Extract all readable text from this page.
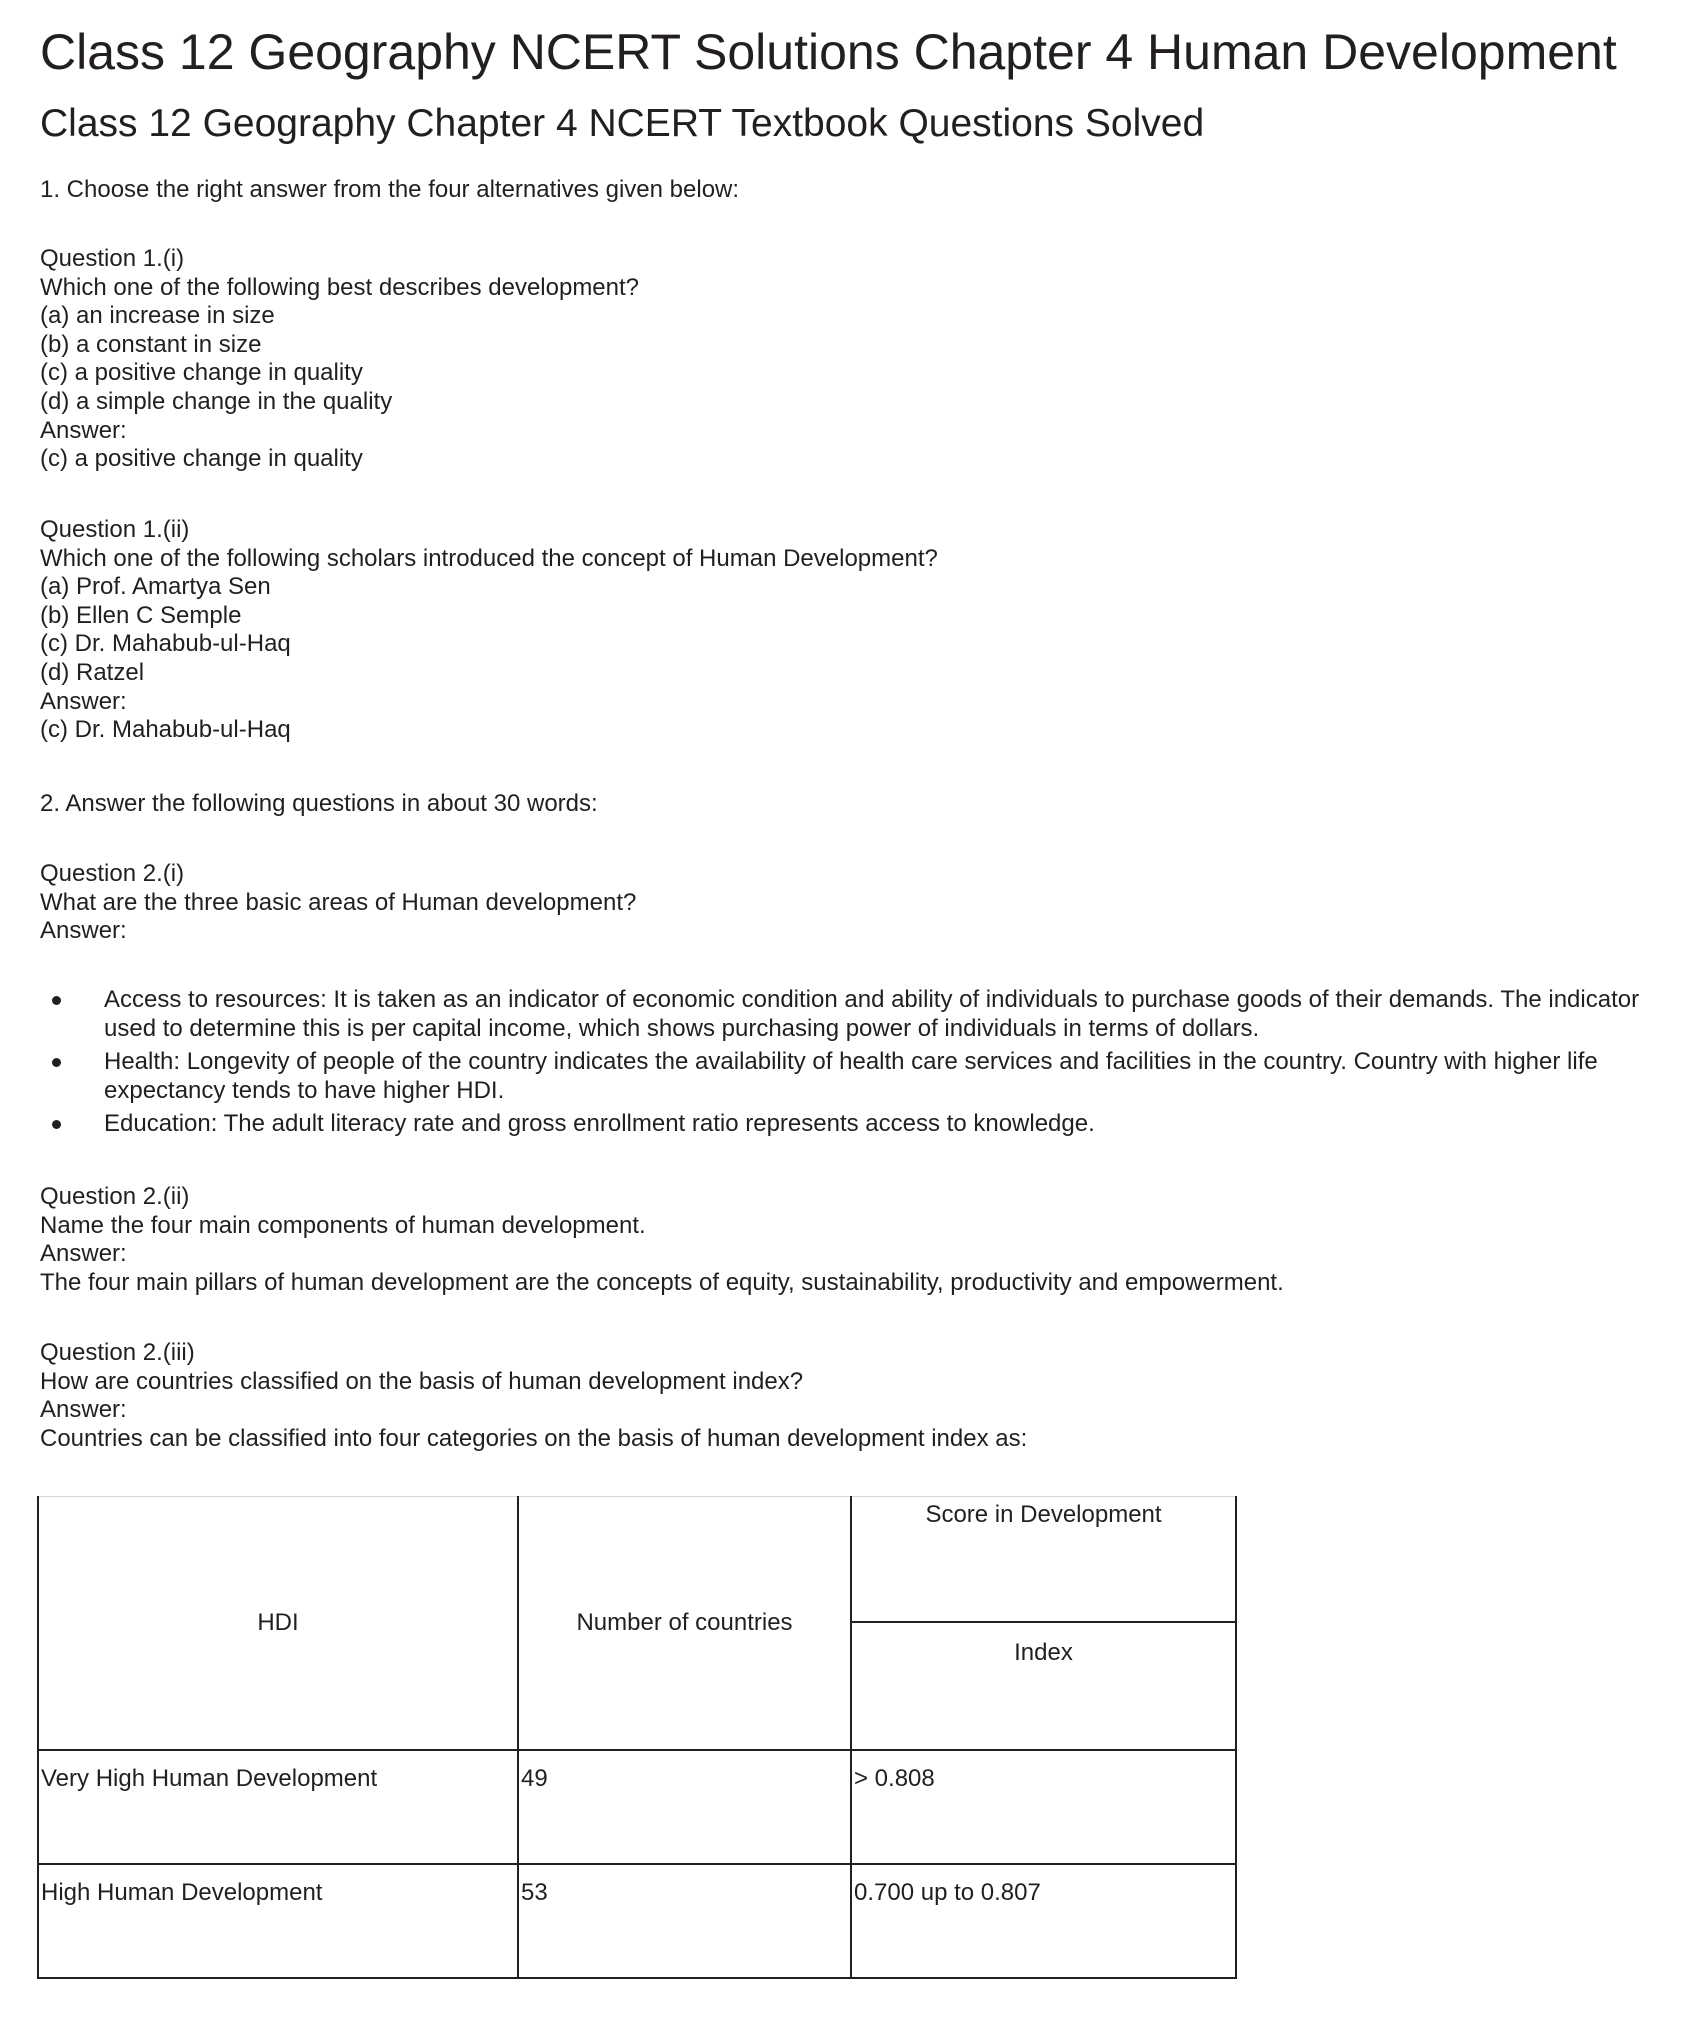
Class 12 Geography NCERT Solutions Chapter 4 Human Development
Class 12 Geography Chapter 4 NCERT Textbook Questions Solved
1. Choose the right answer from the four alternatives given below:
Question 1.(i)
Which one of the following best describes development?
(a) an increase in size
(b) a constant in size
(c) a positive change in quality
(d) a simple change in the quality
Answer:
(c) a positive change in quality
Question 1.(ii)
Which one of the following scholars introduced the concept of Human Development?
(a) Prof. Amartya Sen
(b) Ellen C Semple
(c) Dr. Mahabub-ul-Haq
(d) Ratzel
Answer:
(c) Dr. Mahabub-ul-Haq
2. Answer the following questions in about 30 words:
Question 2.(i)
What are the three basic areas of Human development?
Answer:
Access to resources: It is taken as an indicator of economic condition and ability of individuals to purchase goods of their demands. The indicator used to determine this is per capital income, which shows purchasing power of individuals in terms of dollars.
Health: Longevity of people of the country indicates the availability of health care services and facilities in the country. Country with higher life expectancy tends to have higher HDI.
Education: The adult literacy rate and gross enrollment ratio represents access to knowledge.
Question 2.(ii)
Name the four main components of human development.
Answer:
The four main pillars of human development are the concepts of equity, sustainability, productivity and empowerment.
Question 2.(iii)
How are countries classified on the basis of human development index?
Answer:
Countries can be classified into four categories on the basis of human development index as:
HDI	Number of countries	Score in Development
Index

Very High Human Development	49	> 0.808

High Human Development	53	0.700 up to 0.807
